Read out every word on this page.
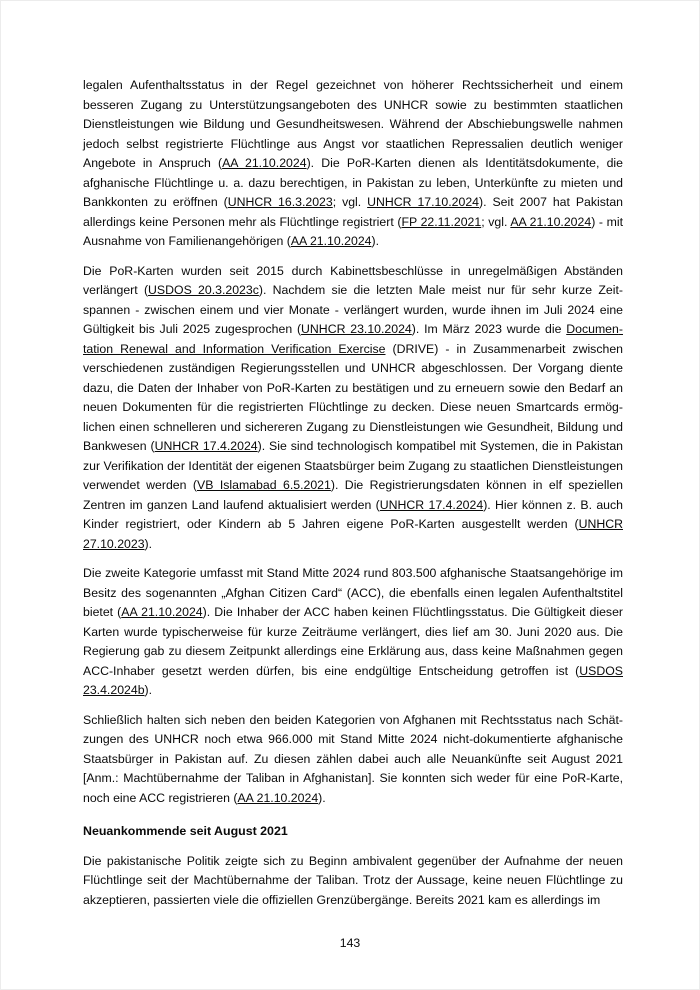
legalen Aufenthaltsstatus in der Regel gezeichnet von höherer Rechtssicherheit und einem besseren Zugang zu Unterstützungsangeboten des UNHCR sowie zu bestimmten staatlichen Dienstleistungen wie Bildung und Gesundheitswesen. Während der Abschiebungswelle nahmen jedoch selbst registrierte Flüchtlinge aus Angst vor staatlichen Repressalien deutlich weniger Angebote in Anspruch (AA 21.10.2024). Die PoR-Karten dienen als Identitätsdokumente, die afghanische Flüchtlinge u. a. dazu berechtigen, in Pakistan zu leben, Unterkünfte zu mieten und Bankkonten zu eröffnen (UNHCR 16.3.2023; vgl. UNHCR 17.10.2024). Seit 2007 hat Pakistan allerdings keine Personen mehr als Flüchtlinge registriert (FP 22.11.2021; vgl. AA 21.10.2024) - mit Ausnahme von Familienangehörigen (AA 21.10.2024).

Die PoR-Karten wurden seit 2015 durch Kabinettsbeschlüsse in unregelmäßigen Abständen verlängert (USDOS 20.3.2023c). Nachdem sie die letzten Male meist nur für sehr kurze Zeitspannen - zwischen einem und vier Monate - verlängert wurden, wurde ihnen im Juli 2024 eine Gültigkeit bis Juli 2025 zugesprochen (UNHCR 23.10.2024). Im März 2023 wurde die Documentation Renewal and Information Verification Exercise (DRIVE) - in Zusammenarbeit zwischen verschiedenen zuständigen Regierungsstellen und UNHCR abgeschlossen. Der Vorgang diente dazu, die Daten der Inhaber von PoR-Karten zu bestätigen und zu erneuern sowie den Bedarf an neuen Dokumenten für die registrierten Flüchtlinge zu decken. Diese neuen Smartcards ermöglichen einen schnelleren und sichereren Zugang zu Dienstleistungen wie Gesundheit, Bildung und Bankwesen (UNHCR 17.4.2024). Sie sind technologisch kompatibel mit Systemen, die in Pakistan zur Verifikation der Identität der eigenen Staatsbürger beim Zugang zu staatlichen Dienstleistungen verwendet werden (VB Islamabad 6.5.2021). Die Registrierungsdaten können in elf speziellen Zentren im ganzen Land laufend aktualisiert werden (UNHCR 17.4.2024). Hier können z. B. auch Kinder registriert, oder Kindern ab 5 Jahren eigene PoR-Karten ausgestellt werden (UNHCR 27.10.2023).

Die zweite Kategorie umfasst mit Stand Mitte 2024 rund 803.500 afghanische Staatsangehörige im Besitz des sogenannten „Afghan Citizen Card“ (ACC), die ebenfalls einen legalen Aufenthaltstitel bietet (AA 21.10.2024). Die Inhaber der ACC haben keinen Flüchtlingsstatus. Die Gültigkeit dieser Karten wurde typischerweise für kurze Zeiträume verlängert, dies lief am 30. Juni 2020 aus. Die Regierung gab zu diesem Zeitpunkt allerdings eine Erklärung aus, dass keine Maßnahmen gegen ACC-Inhaber gesetzt werden dürfen, bis eine endgültige Entscheidung getroffen ist (USDOS 23.4.2024b).

Schließlich halten sich neben den beiden Kategorien von Afghanen mit Rechtsstatus nach Schätzungen des UNHCR noch etwa 966.000 mit Stand Mitte 2024 nicht-dokumentierte afghanische Staatsbürger in Pakistan auf. Zu diesen zählen dabei auch alle Neuankünfte seit August 2021 [Anm.: Machtübernahme der Taliban in Afghanistan]. Sie konnten sich weder für eine PoR-Karte, noch eine ACC registrieren (AA 21.10.2024).

Neuankommende seit August 2021

Die pakistanische Politik zeigte sich zu Beginn ambivalent gegenüber der Aufnahme der neuen Flüchtlinge seit der Machtübernahme der Taliban. Trotz der Aussage, keine neuen Flüchtlinge zu akzeptieren, passierten viele die offiziellen Grenzübergänge. Bereits 2021 kam es allerdings im

143
